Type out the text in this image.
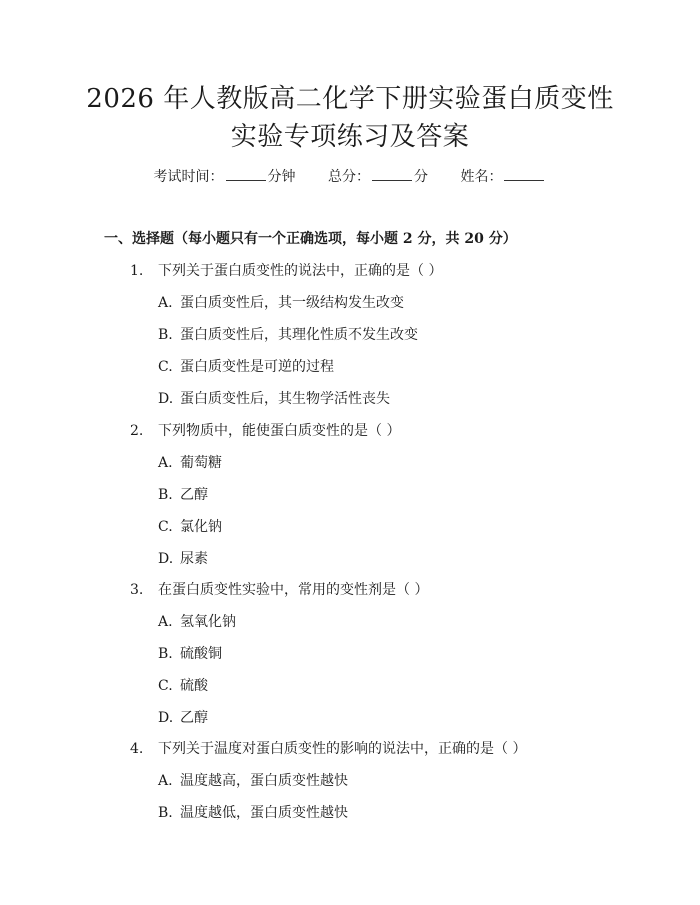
2026 年人教版高二化学下册实验蛋白质变性
实验专项练习及答案
考试时间：	分钟 总分：	分 姓名：
一、选择题（每小题只有一个正确选项，每小题 2 分，共 20 分）
1. 下列关于蛋白质变性的说法中，正确的是（ ）
A. 蛋白质变性后，其一级结构发生改变
B. 蛋白质变性后，其理化性质不发生改变
C. 蛋白质变性是可逆的过程
D. 蛋白质变性后，其生物学活性丧失
2. 下列物质中，能使蛋白质变性的是（ ）
A. 葡萄糖
B. 乙醇
C. 氯化钠
D. 尿素
3. 在蛋白质变性实验中，常用的变性剂是（ ）
A. 氢氧化钠
B. 硫酸铜
C. 硫酸
D. 乙醇
4. 下列关于温度对蛋白质变性的影响的说法中，正确的是（ ）
A. 温度越高，蛋白质变性越快
B. 温度越低，蛋白质变性越快
